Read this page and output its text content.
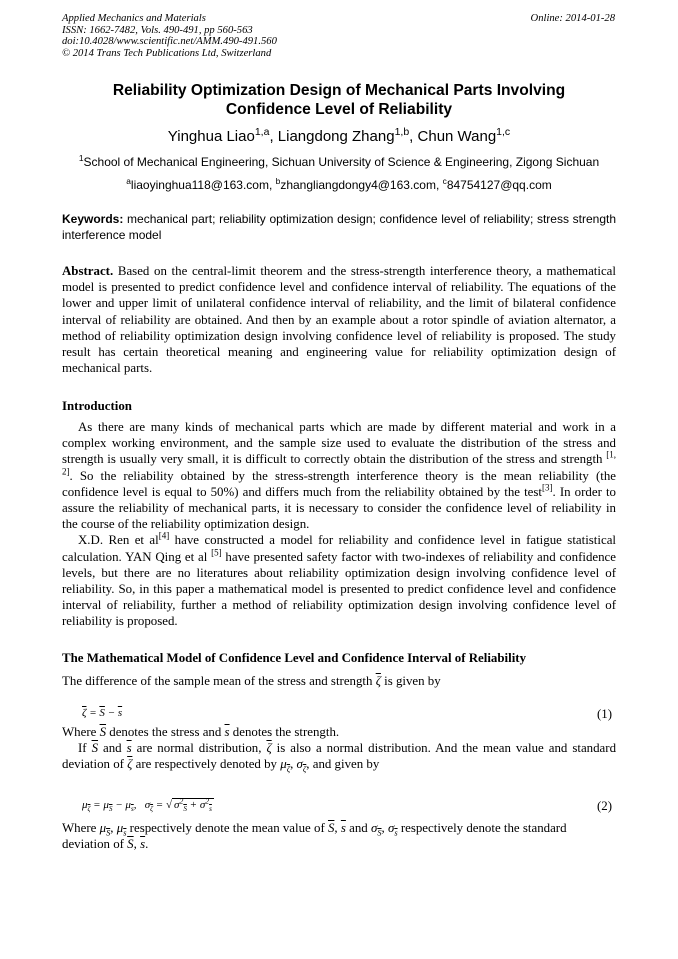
Applied Mechanics and Materials
ISSN: 1662-7482, Vols. 490-491, pp 560-563
doi:10.4028/www.scientific.net/AMM.490-491.560
© 2014 Trans Tech Publications Ltd, Switzerland
Online: 2014-01-28
Reliability Optimization Design of Mechanical Parts Involving
Confidence Level of Reliability
Yinghua Liao$^{1,a}$, Liangdong Zhang$^{1,b}$, Chun Wang$^{1,c}$
$^1$School of Mechanical Engineering, Sichuan University of Science & Engineering, Zigong Sichuan
$^a$liaoyinghua118@163.com, $^b$zhangliangdongy4@163.com, $^c$84754127@qq.com
Keywords: mechanical part; reliability optimization design; confidence level of reliability; stress strength interference model
Abstract. Based on the central-limit theorem and the stress-strength interference theory, a mathematical model is presented to predict confidence level and confidence interval of reliability. The equations of the lower and upper limit of unilateral confidence interval of reliability, and the limit of bilateral confidence interval of reliability are obtained. And then by an example about a rotor spindle of aviation alternator, a method of reliability optimization design involving confidence level of reliability is proposed. The study result has certain theoretical meaning and engineering value for reliability optimization design of mechanical parts.
Introduction

As there are many kinds of mechanical parts which are made by different material and work in a complex working environment, and the sample size used to evaluate the distribution of the stress and strength is usually very small, it is difficult to correctly obtain the distribution of the stress and strength [1, 2]. So the reliability obtained by the stress-strength interference theory is the mean reliability (the confidence level is equal to 50%) and differs much from the reliability obtained by the test[3]. In order to assure the reliability of mechanical parts, it is necessary to consider the confidence level of reliability in the course of the reliability optimization design.

X.D. Ren et al[4] have constructed a model for reliability and confidence level in fatigue statistical calculation. YAN Qing et al [5] have presented safety factor with two-indexes of reliability and confidence levels, but there are no literatures about reliability optimization design involving confidence level of reliability. So, in this paper a mathematical model is presented to predict confidence level and confidence interval of reliability, further a method of reliability optimization design involving confidence level of reliability is proposed.

The Mathematical Model of Confidence Level and Confidence Interval of Reliability
The difference of the sample mean of the stress and strength $\overline{\zeta}$ is given by
$\overline{\zeta} = \overline{S} - \overline{s}$	(1)
Where $\overline{S}$ denotes the stress and $\overline{s}$ denotes the strength.
If $\overline{S}$ and $\overline{s}$ are normal distribution, $\overline{\zeta}$ is also a normal distribution. And the mean value and standard deviation of $\overline{\zeta}$ are respectively denoted by $\mu_{\overline{\zeta}}$, $\sigma_{\overline{\zeta}}$, and given by
$\mu_{\overline{\zeta}} = \mu_{\overline{S}} - \mu_{\overline{s}}$,   $\sigma_{\overline{\zeta}}$ = √ $\sigma^2_{\overline{S}} + \sigma^2_{\overline{s}}$	(2)
Where $\mu_{\overline{S}}$, $\mu_{\overline{s}}$ respectively denote the mean value of $\overline{S}$, $\overline{s}$ and $\sigma_{\overline{S}}$, $\sigma_{\overline{s}}$ respectively denote the standard deviation of $\overline{S}$, $\overline{s}$.
